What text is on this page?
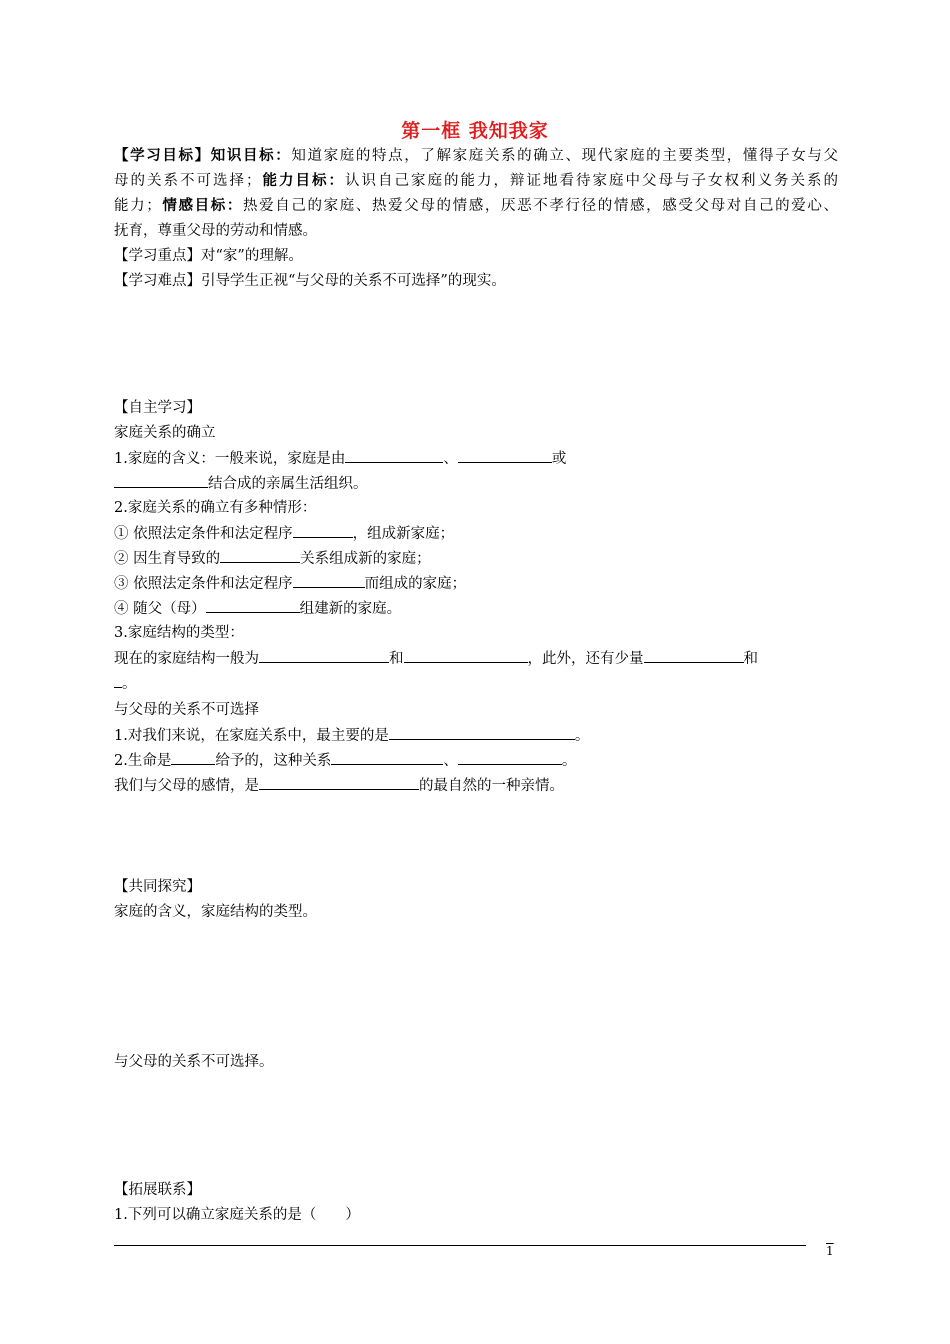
第一框 我知我家
【学习目标】知识目标：知道家庭的特点，了解家庭关系的确立、现代家庭的主要类型，懂得子女与父
母的关系不可选择；能力目标：认识自己家庭的能力，辩证地看待家庭中父母与子女权利义务关系的
能力；情感目标：热爱自己的家庭、热爱父母的情感，厌恶不孝行径的情感，感受父母对自己的爱心、
抚育，尊重父母的劳动和情感。
【学习重点】对“家”的理解。
【学习难点】引导学生正视“与父母的关系不可选择”的现实。
【自主学习】
家庭关系的确立
1.家庭的含义：一般来说，家庭是由	、	或
结合成的亲属生活组织。
2.家庭关系的确立有多种情形：
① 依照法定条件和法定程序	，组成新家庭；
② 因生育导致的	关系组成新的家庭；
③ 依照法定条件和法定程序	而组成的家庭；
④ 随父（母）	组建新的家庭。
3.家庭结构的类型：
现在的家庭结构一般为	和	，此外，还有少量	和
。
与父母的关系不可选择
1.对我们来说，在家庭关系中，最主要的是	。
2.生命是	给予的，这种关系	、	。
我们与父母的感情，是	的最自然的一种亲情。
【共同探究】
家庭的含义，家庭结构的类型。
与父母的关系不可选择。
【拓展联系】
1.下列可以确立家庭关系的是（　　）
1
